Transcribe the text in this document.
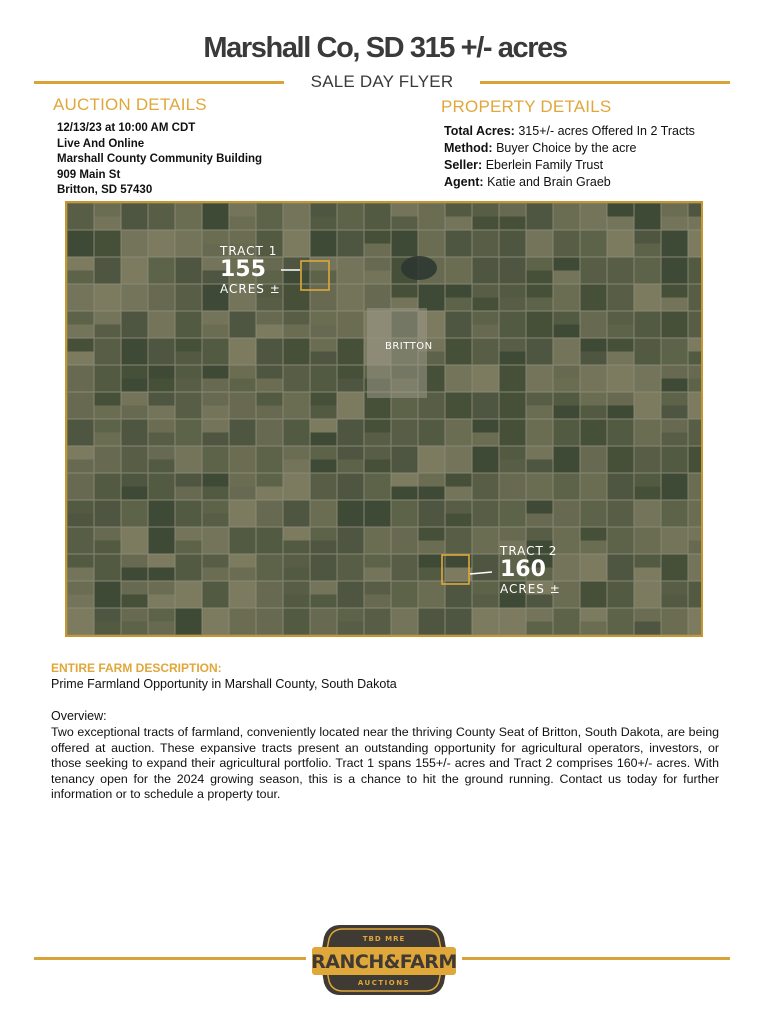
Marshall Co, SD 315 +/- acres
SALE DAY FLYER
AUCTION DETAILS
12/13/23 at 10:00 AM CDT
Live And Online
Marshall County Community Building
909 Main St
Britton, SD 57430
PROPERTY DETAILS
Total Acres: 315+/- acres Offered In 2 Tracts
Method: Buyer Choice by the acre
Seller: Eberlein Family Trust
Agent: Katie and Brain Graeb
TRACT 1
155
ACRES ±
BRITTON
TRACT 2
160
ACRES ±
ENTIRE FARM DESCRIPTION:
Prime Farmland Opportunity in Marshall County, South Dakota
Overview:
Two exceptional tracts of farmland, conveniently located near the thriving County Seat of Britton, South Dakota, are being offered at auction. These expansive tracts present an outstanding opportunity for agricultural operators, investors, or those seeking to expand their agricultural portfolio. Tract 1 spans 155+/- acres and Tract 2 comprises 160+/- acres. With tenancy open for the 2024 growing season, this is a chance to hit the ground running. Contact us today for further information or to schedule a property tour.
TBD MRE
RANCH&FARM
AUCTIONS
